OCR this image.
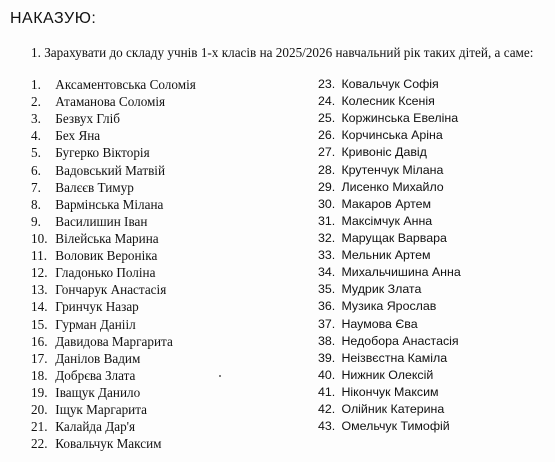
НАКАЗУЮ:
1. Зарахувати до складу учнів 1-х класів на 2025/2026 навчальний рік таких дітей, а саме:
1. Аксаментовська Соломія
2. Атаманова Соломія
3. Безвух Гліб
4. Бех Яна
5. Бугерко Вікторія
6. Вадовський Матвій
7. Валєєв Тимур
8. Вармінська Мілана
9. Василишин Іван
10. Вілейська Марина
11. Воловик Вероніка
12. Гладонько Поліна
13. Гончарук Анастасія
14. Гринчук Назар
15. Гурман Данііл
16. Давидова Маргарита
17. Данілов Вадим
18. Добрєва Злата
19. Іващук Данило
20. Іщук Маргарита
21. Калайда Дар'я
22. Ковальчук Максим
23. Ковальчук Софія
24. Колесник Ксенія
25. Коржинська Евеліна
26. Корчинська Аріна
27. Кривоніс Давід
28. Крутенчук Мілана
29. Лисенко Михайло
30. Макаров Артем
31. Максімчук Анна
32. Марущак Варвара
33. Мельник Артем
34. Михальчишина Анна
35. Мудрик Злата
36. Музика Ярослав
37. Наумова Єва
38. Недобора Анастасія
39. Неізвєстна Каміла
40. Нижник Олексій
41. Нікончук Максим
42. Олійник Катерина
43. Омельчук Тимофій
